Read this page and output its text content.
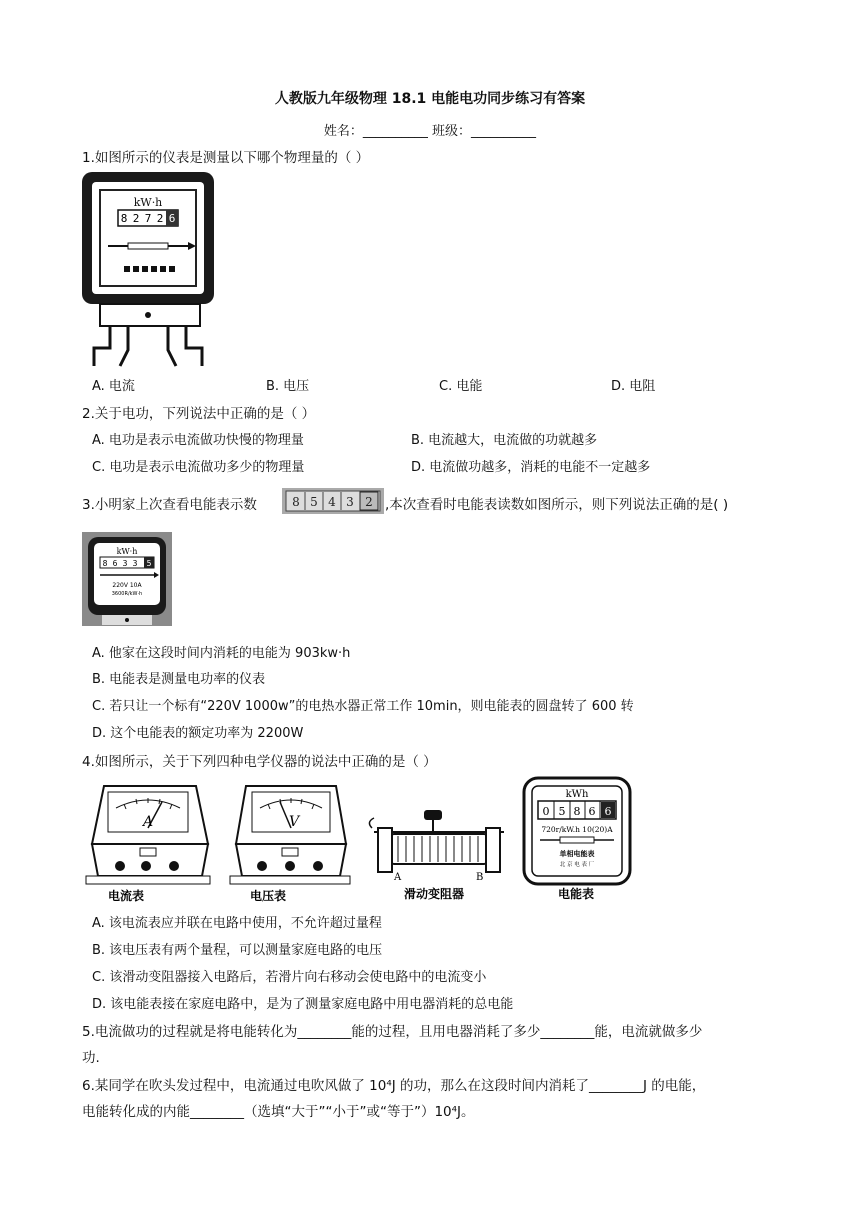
人教版九年级物理 18.1 电能电功同步练习有答案
姓名：__________ 班级：__________
1.如图所示的仪表是测量以下哪个物理量的（ ）
kW·h
8 2 7 2 6
A. 电流	B. 电压	C. 电能	D. 电阻
2.关于电功，下列说法中正确的是（ ）
A. 电功是表示电流做功快慢的物理量	B. 电流越大，电流做的功就越多
C. 电功是表示电流做功多少的物理量	D. 电流做功越多，消耗的电能不一定越多
3.小明家上次查看电能表示数	8 5 4 3 2 ,本次查看时电能表读数如图所示，则下列说法正确的是( )
kW·h
8 6 3 3 5
220V 10A
3600R/kW·h
A. 他家在这段时间内消耗的电能为 903kw·h
B. 电能表是测量电功率的仪表
C. 若只让一个标有“220V 1000w”的电热水器正常工作 10min，则电能表的圆盘转了 600 转
D. 这个电能表的额定功率为 2200W
4.如图所示，关于下列四种电学仪器的说法中正确的是（ ）
A
电流表
V
电压表
A	B
滑动变阻器
kWh
0 5 8 6 6
720r/kW.h 10(20)A
单相电能表
北 京 电 表 厂
电能表
A. 该电流表应并联在电路中使用，不允许超过量程
B. 该电压表有两个量程，可以测量家庭电路的电压
C. 该滑动变阻器接入电路后，若滑片向右移动会使电路中的电流变小
D. 该电能表接在家庭电路中，是为了测量家庭电路中用电器消耗的总电能
5.电流做功的过程就是将电能转化为________能的过程，且用电器消耗了多少________能，电流就做多少
功.
6.某同学在吹头发过程中，电流通过电吹风做了 10⁴J 的功，那么在这段时间内消耗了________J 的电能，
电能转化成的内能________（选填“大于”“小于”或“等于”）10⁴J。
